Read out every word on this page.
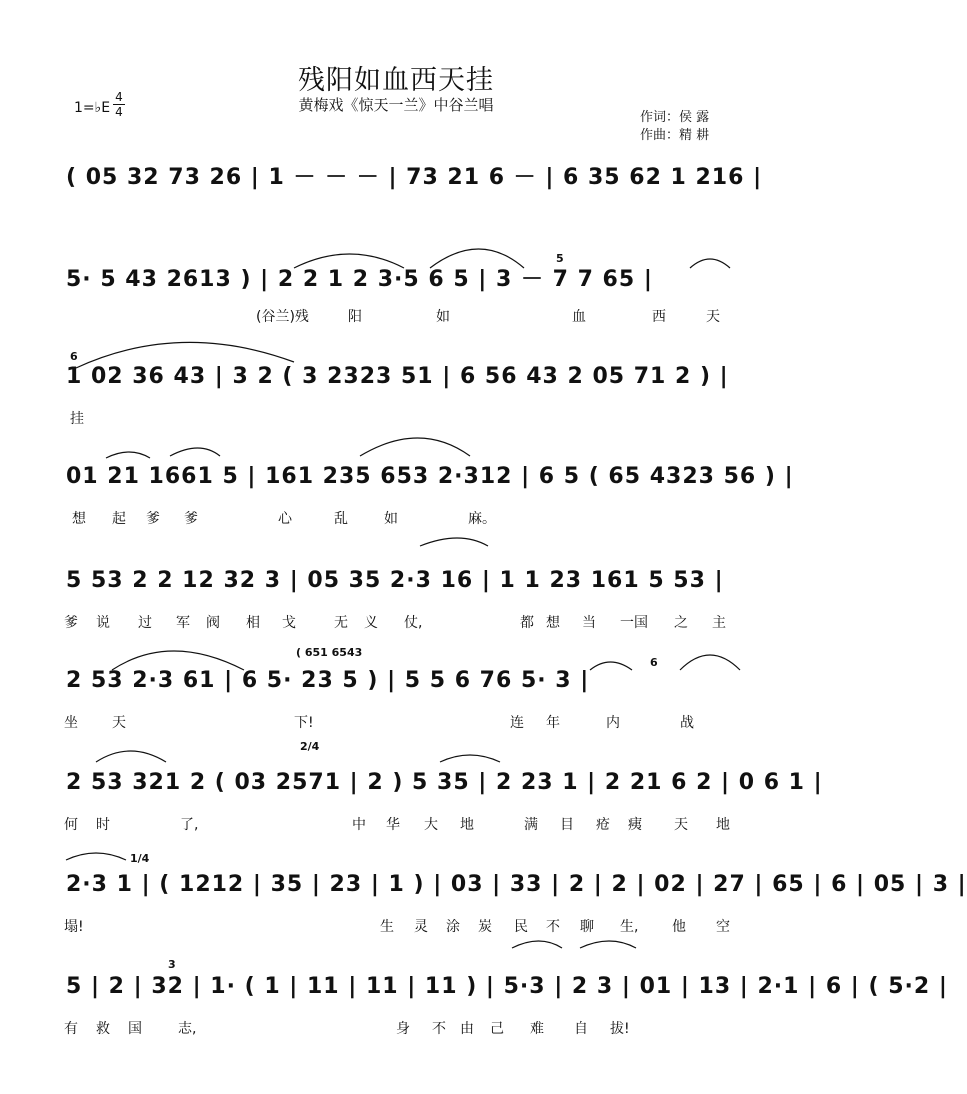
残阳如血西天挂
黄梅戏《惊天一兰》中谷兰唱
1=♭E $\frac{4}{4}$	作词：侯 露
作曲：精 耕
( 05 32 73 26 | 1 － － － | 73 21 6 － | 6 35 62 1 216 |
5· 5 43 2613 ) | 2 2 1 2 3·5 6 5 | 3 － 7 7 65 |
(谷兰)残	阳	如	血	西	天
1 02 36 43 | 3 2 ( 3 2323 51 | 6 56 43 2 05 71 2 ) |
挂
01 21 1661 5 | 161 235 653 2·312 | 6 5 ( 65 4323 56 ) |
想 起 爹 爹	心	乱	如	麻。
5 53 2 2 12 32 3 | 05 35 2·3 16 | 1 1 23 161 5 53 |
爹 说 过 军 阀 相 戈	无 义 仗,	都 想 当 一国 之 主
2 53 2·3 61 | 6 5· 23 5 ) | 5 5 6 76 5· 3 |
坐 天	下!	连 年	内	战
2 53 321 2 ( 03 2571 | 2 ) 5 35 | 2 23 1 | 2 21 6 2 | 0 6 1 |
何 时	了,	中 华 大 地	满 目 疮 痍 天 地
2·3 1 | ( 1212 | 35 | 23 | 1 ) | 03 | 33 | 2 | 2 | 02 | 27 | 65 | 6 | 05 | 3 |
塌!	生 灵 涂 炭 民 不 聊 生, 他 空
5 | 2 | 32 | 1· ( 1 | 11 | 11 | 11 ) | 5·3 | 2 3 | 01 | 13 | 2·1 | 6 | ( 5·2 |
有 救 国	志,	身 不 由 己 难 自 拔!
2/4
1/4
( 651 6543
5
6
6
3
